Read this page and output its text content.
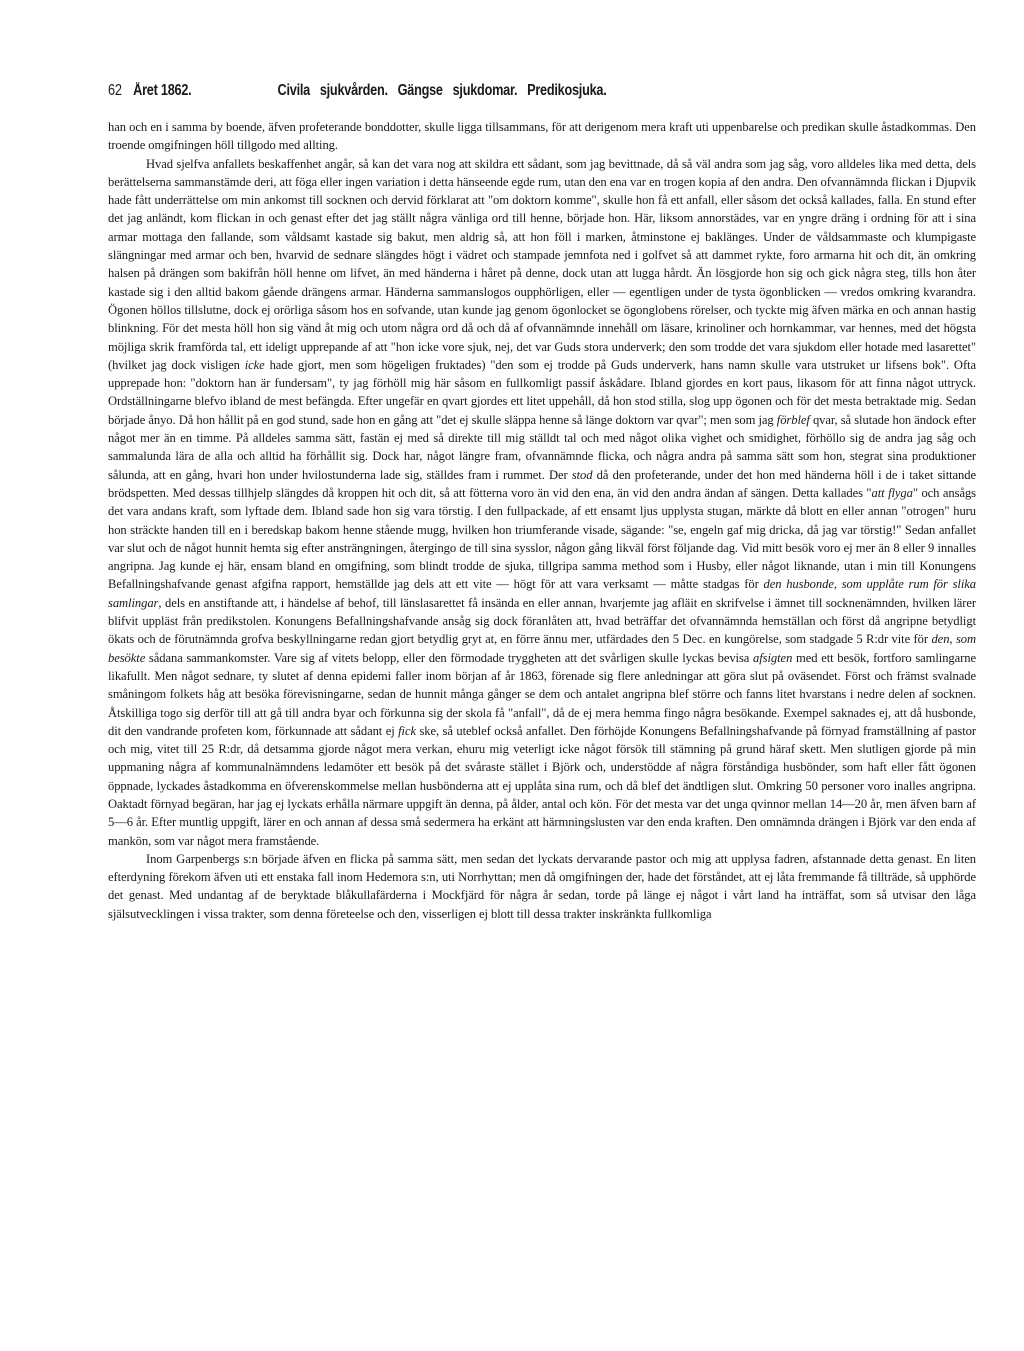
62 Året 1862.	Civila sjukvården. Gängse sjukdomar. Predikosjuka.

han och en i samma by boende, äfven profeterande bonddotter, skulle ligga tillsammans, för att derigenom mera kraft uti uppenbarelse och predikan skulle åstadkommas. Den troende omgifningen höll tillgodo med allting.

Hvad sjelfva anfallets beskaffenhet angår, så kan det vara nog att skildra ett sådant, som jag bevittnade, då så väl andra som jag såg, voro alldeles lika med detta, dels berättelserna sammanstämde deri, att föga eller ingen variation i detta hänseende egde rum, utan den ena var en trogen kopia af den andra. Den ofvannämnda flickan i Djupvik hade fått underrättelse om min ankomst till socknen och dervid förklarat att "om doktorn komme", skulle hon få ett anfall, eller såsom det också kallades, falla. En stund efter det jag anländt, kom flickan in och genast efter det jag ställt några vänliga ord till henne, började hon. Här, liksom annorstädes, var en yngre dräng i ordning för att i sina armar mottaga den fallande, som våldsamt kastade sig bakut, men aldrig så, att hon föll i marken, åtminstone ej baklänges. Under de våldsammaste och klumpigaste slängningar med armar och ben, hvarvid de sednare slängdes högt i vädret och stampade jemnfota ned i golfvet så att dammet rykte, foro armarna hit och dit, än omkring halsen på drängen som bakifrån höll henne om lifvet, än med händerna i håret på denne, dock utan att lugga hårdt. Än lösgjorde hon sig och gick några steg, tills hon åter kastade sig i den alltid bakom gående drängens armar. Händerna sammanslogos oupphörligen, eller — egentligen under de tysta ögonblicken — vredos omkring kvarandra. Ögonen höllos tillslutne, dock ej orörliga såsom hos en sofvande, utan kunde jag genom ögonlocket se ögonglobens rörelser, och tyckte mig äfven märka en och annan hastig blinkning. För det mesta höll hon sig vänd åt mig och utom några ord då och då af ofvannämnde innehåll om läsare, krinoliner och hornkammar, var hennes, med det högsta möjliga skrik framförda tal, ett ideligt upprepande af att "hon icke vore sjuk, nej, det var Guds stora underverk; den som trodde det vara sjukdom eller hotade med lasarettet" (hvilket jag dock visligen icke hade gjort, men som högeligen fruktades) "den som ej trodde på Guds underverk, hans namn skulle vara utstruket ur lifsens bok". Ofta upprepade hon: "doktorn han är fundersam", ty jag förhöll mig här såsom en fullkomligt passif åskådare. Ibland gjordes en kort paus, likasom för att finna något uttryck. Ordställningarne blefvo ibland de mest befängda. Efter ungefär en qvart gjordes ett litet uppehåll, då hon stod stilla, slog upp ögonen och för det mesta betraktade mig. Sedan började ånyo. Då hon hållit på en god stund, sade hon en gång att "det ej skulle släppa henne så länge doktorn var qvar"; men som jag förblef qvar, så slutade hon ändock efter något mer än en timme. På alldeles samma sätt, fastän ej med så direkte till mig ställdt tal och med något olika vighet och smidighet, förhöllo sig de andra jag såg och sammalunda lära de alla och alltid ha förhållit sig. Dock har, något längre fram, ofvannämnde flicka, och några andra på samma sätt som hon, stegrat sina produktioner sålunda, att en gång, hvari hon under hvilostunderna lade sig, ställdes fram i rummet. Der stod då den profeterande, under det hon med händerna höll i de i taket sittande brödspetten. Med dessas tillhjelp slängdes då kroppen hit och dit, så att fötterna voro än vid den ena, än vid den andra ändan af sängen. Detta kallades "att flyga" och ansågs det vara andans kraft, som lyftade dem. Ibland sade hon sig vara törstig. I den fullpackade, af ett ensamt ljus upplysta stugan, märkte då blott en eller annan "otrogen" huru hon sträckte handen till en i beredskap bakom henne stående mugg, hvilken hon triumferande visade, sägande: "se, engeln gaf mig dricka, då jag var törstig!" Sedan anfallet var slut och de något hunnit hemta sig efter ansträngningen, återgingo de till sina sysslor, någon gång likväl först följande dag. Vid mitt besök voro ej mer än 8 eller 9 innalles angripna. Jag kunde ej här, ensam bland en omgifning, som blindt trodde de sjuka, tillgripa samma method som i Husby, eller något liknande, utan i min till Konungens Befallningshafvande genast afgifna rapport, hemställde jag dels att ett vite — högt för att vara verksamt — måtte stadgas för den husbonde, som upplåte rum för slika samlingar, dels en anstiftande att, i händelse af behof, till länslasarettet få insända en eller annan, hvarjemte jag afläit en skrifvelse i ämnet till socknenämnden, hvilken lärer blifvit uppläst från predikstolen. Konungens Befallningshafvande ansåg sig dock föranlåten att, hvad beträffar det ofvannämnda hemställan och först då angripne betydligt ökats och de förutnämnda grofva beskyllningarne redan gjort betydlig gryt at, en förre ännu mer, utfärdades den 5 Dec. en kungörelse, som stadgade 5 R:dr vite för den, som besökte sådana sammankomster. Vare sig af vitets belopp, eller den förmodade tryggheten att det svårligen skulle lyckas bevisa afsigten med ett besök, fortforo samlingarne likafullt. Men något sednare, ty slutet af denna epidemi faller inom början af år 1863, förenade sig flere anledningar att göra slut på oväsendet. Först och främst svalnade småningom folkets håg att besöka förevisningarne, sedan de hunnit många gånger se dem och antalet angripna blef större och fanns litet hvarstans i nedre delen af socknen. Åtskilliga togo sig derför till att gå till andra byar och förkunna sig der skola få "anfall", då de ej mera hemma fingo några besökande. Exempel saknades ej, att då husbonde, dit den vandrande profeten kom, förkunnade att sådant ej fick ske, så uteblef också anfallet. Den förhöjde Konungens Befallningshafvande på förnyad framställning af pastor och mig, vitet till 25 R:dr, då detsamma gjorde något mera verkan, ehuru mig veterligt icke något försök till stämning på grund häraf skett. Men slutligen gjorde på min uppmaning några af kommunalnämndens ledamöter ett besök på det svåraste stället i Björk och, understödde af några förståndiga husbönder, som haft eller fått ögonen öppnade, lyckades åstadkomma en öfverenskommelse mellan husbönderna att ej upplåta sina rum, och då blef det ändtligen slut. Omkring 50 personer voro inalles angripna. Oaktadt förnyad begäran, har jag ej lyckats erhålla närmare uppgift än denna, på ålder, antal och kön. För det mesta var det unga qvinnor mellan 14—20 år, men äfven barn af 5—6 år. Efter muntlig uppgift, lärer en och annan af dessa små sedermera ha erkänt att härmningslusten var den enda kraften. Den omnämnda drängen i Björk var den enda af mankön, som var något mera framstående.

Inom Garpenbergs s:n började äfven en flicka på samma sätt, men sedan det lyckats dervarande pastor och mig att upplysa fadren, afstannade detta genast. En liten efterdyning förekom äfven uti ett enstaka fall inom Hedemora s:n, uti Norrhyttan; men då omgifningen der, hade det förståndet, att ej låta fremmande få tillträde, så upphörde det genast. Med undantag af de beryktade blåkullafärderna i Mockfjärd för några år sedan, torde på länge ej något i vårt land ha inträffat, som så utvisar den låga själsutvecklingen i vissa trakter, som denna företeelse och den, visserligen ej blott till dessa trakter inskränkta fullkomliga
